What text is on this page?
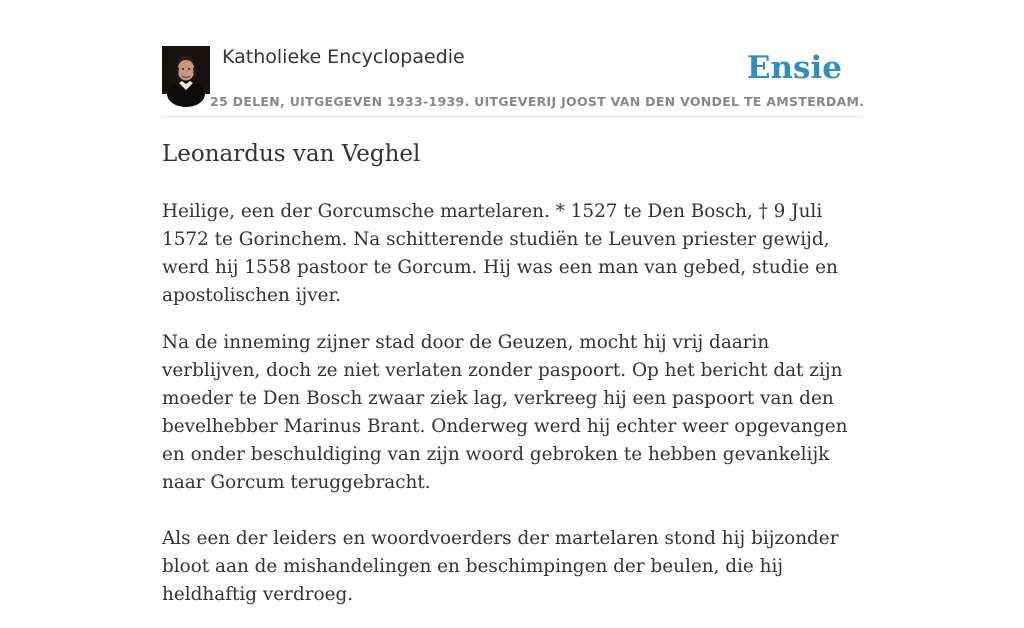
Katholieke Encyclopaedie	Ensie
25 DELEN, UITGEGEVEN 1933-1939. UITGEVERIJ JOOST VAN DEN VONDEL TE AMSTERDAM.
Leonardus van Veghel

Heilige, een der Gorcumsche martelaren. * 1527 te Den Bosch, † 9 Juli 1572 te Gorinchem. Na schitterende studiën te Leuven priester gewijd, werd hij 1558 pastoor te Gorcum. Hij was een man van gebed, studie en apostolischen ijver.

Na de inneming zijner stad door de Geuzen, mocht hij vrij daarin verblijven, doch ze niet verlaten zonder paspoort. Op het bericht dat zijn moeder te Den Bosch zwaar ziek lag, verkreeg hij een paspoort van den bevelhebber Marinus Brant. Onderweg werd hij echter weer opgevangen en onder beschuldiging van zijn woord gebroken te hebben gevankelijk naar Gorcum teruggebracht.

Als een der leiders en woordvoerders der martelaren stond hij bijzonder bloot aan de mishandelingen en beschimpingen der beulen, die hij heldhaftig verdroeg.
